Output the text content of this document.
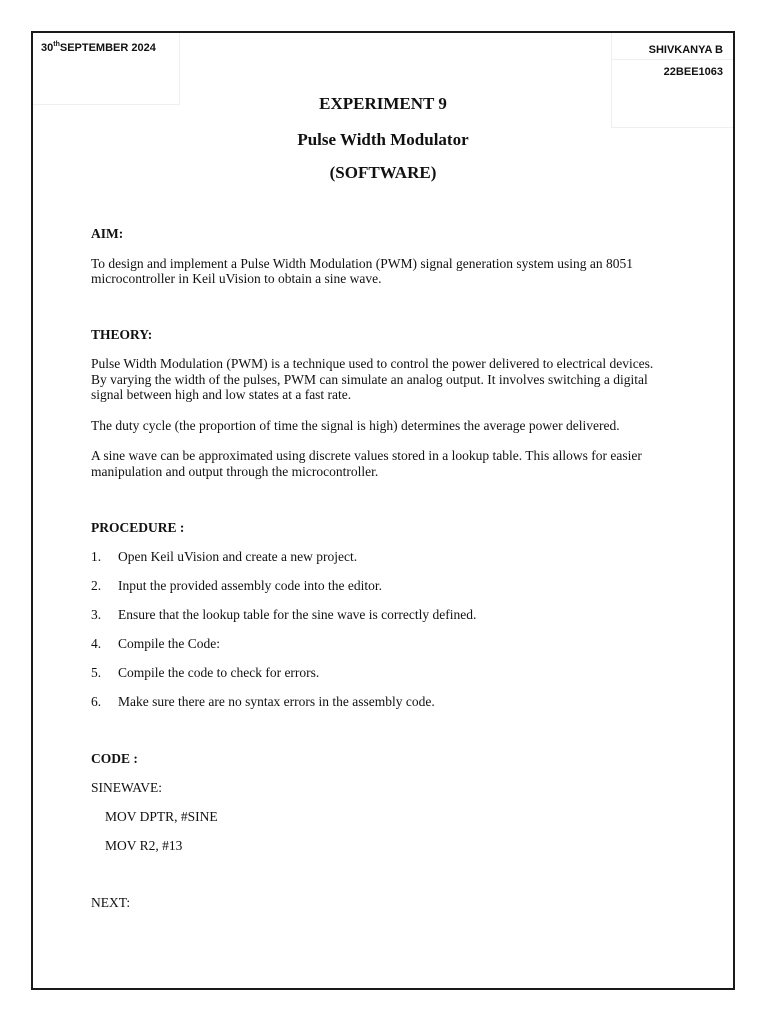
30thSEPTEMBER 2024	SHIVKANYA B
22BEE1063
EXPERIMENT 9
Pulse Width Modulator
(SOFTWARE)

AIM:

To design and implement a Pulse Width Modulation (PWM) signal generation system using an 8051 microcontroller in Keil uVision to obtain a sine wave.

THEORY:

Pulse Width Modulation (PWM) is a technique used to control the power delivered to electrical devices. By varying the width of the pulses, PWM can simulate an analog output. It involves switching a digital signal between high and low states at a fast rate.

The duty cycle (the proportion of time the signal is high) determines the average power delivered.

A sine wave can be approximated using discrete values stored in a lookup table. This allows for easier manipulation and output through the microcontroller.

PROCEDURE :

1.	Open Keil uVision and create a new project.
2.	Input the provided assembly code into the editor.
3.	Ensure that the lookup table for the sine wave is correctly defined.
4.	Compile the Code:
5.	Compile the code to check for errors.
6.	Make sure there are no syntax errors in the assembly code.

CODE :

SINEWAVE:

MOV DPTR, #SINE

MOV R2, #13

NEXT:
